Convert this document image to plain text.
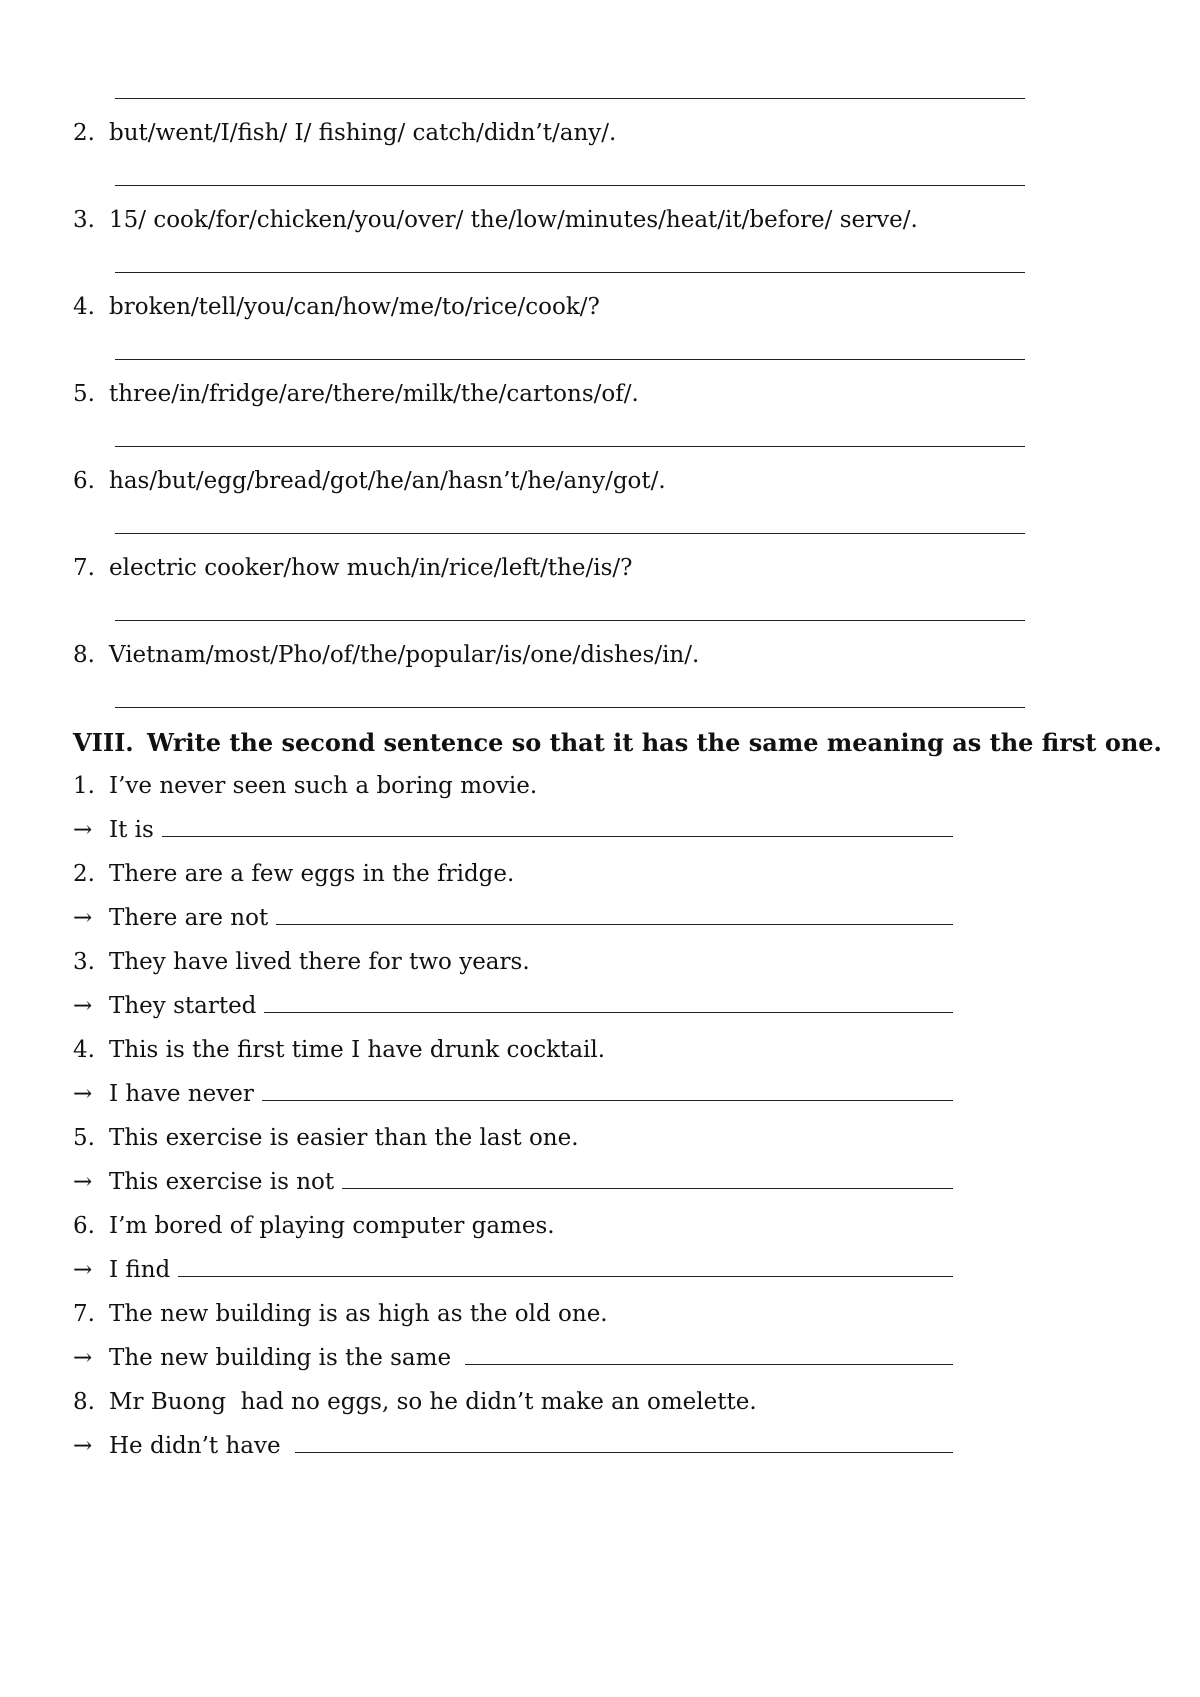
2. but/went/I/fish/ I/ fishing/ catch/didn’t/any/.
3. 15/ cook/for/chicken/you/over/ the/low/minutes/heat/it/before/ serve/.
4. broken/tell/you/can/how/me/to/rice/cook/?
5. three/in/fridge/are/there/milk/the/cartons/of/.
6. has/but/egg/bread/got/he/an/hasn’t/he/any/got/.
7. electric cooker/how much/in/rice/left/the/is/?
8. Vietnam/most/Pho/of/the/popular/is/one/dishes/in/.
VIII. Write the second sentence so that it has the same meaning as the first one.
1. I’ve never seen such a boring movie.
→ It is
2. There are a few eggs in the fridge.
→ There are not
3. They have lived there for two years.
→ They started
4. This is the first time I have drunk cocktail.
→ I have never
5. This exercise is easier than the last one.
→ This exercise is not
6. I’m bored of playing computer games.
→ I find
7. The new building is as high as the old one.
→ The new building is the same
8. Mr Buong  had no eggs, so he didn’t make an omelette.
→ He didn’t have
